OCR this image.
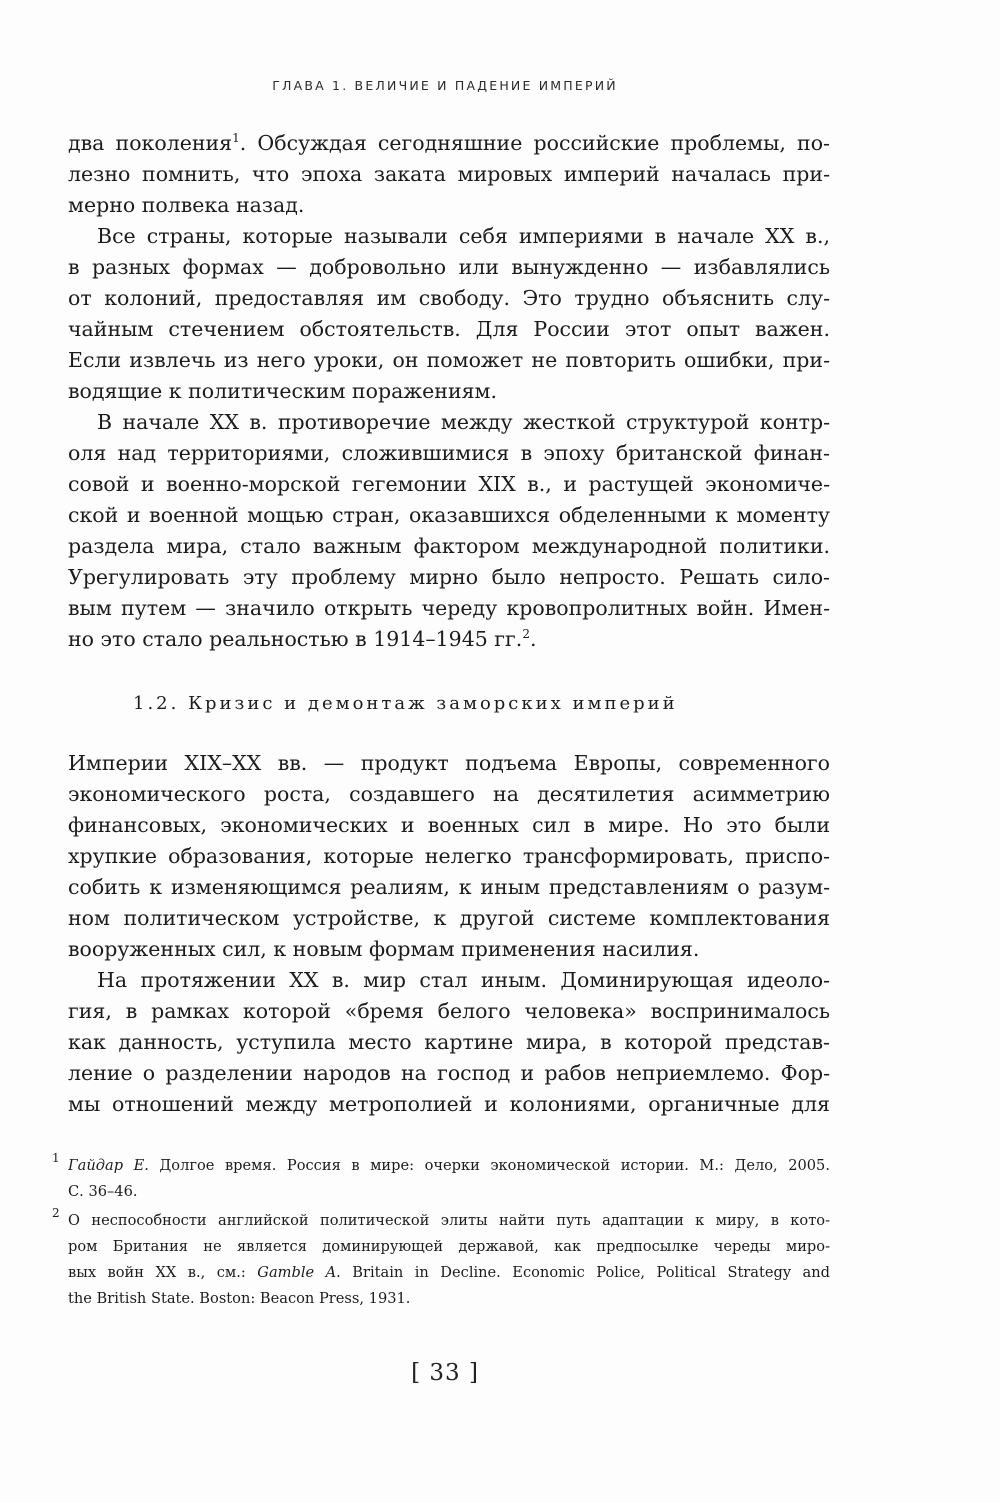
ГЛАВА 1. ВЕЛИЧИЕ И ПАДЕНИЕ ИМПЕРИЙ
два поколения$^1$. Обсуждая сегодняшние российские проблемы, по-
лезно помнить, что эпоха заката мировых империй началась при-
мерно полвека назад.
Все страны, которые называли себя империями в начале XX в.,
в разных формах — добровольно или вынужденно — избавлялись
от колоний, предоставляя им свободу. Это трудно объяснить слу-
чайным стечением обстоятельств. Для России этот опыт важен.
Если извлечь из него уроки, он поможет не повторить ошибки, при-
водящие к политическим поражениям.
В начале XX в. противоречие между жесткой структурой контр-
оля над территориями, сложившимися в эпоху британской финан-
совой и военно-морской гегемонии XIX в., и растущей экономиче-
ской и военной мощью стран, оказавшихся обделенными к моменту
раздела мира, стало важным фактором международной политики.
Урегулировать эту проблему мирно было непросто. Решать сило-
вым путем — значило открыть череду кровопролитных войн. Имен-
но это стало реальностью в 1914–1945 гг.$^2$.
1.2. Кризис и демонтаж заморских империй
Империи XIX–XX вв. — продукт подъема Европы, современного
экономического роста, создавшего на десятилетия асимметрию
финансовых, экономических и военных сил в мире. Но это были
хрупкие образования, которые нелегко трансформировать, приспо-
собить к изменяющимся реалиям, к иным представлениям о разум-
ном политическом устройстве, к другой системе комплектования
вооруженных сил, к новым формам применения насилия.
На протяжении XX в. мир стал иным. Доминирующая идеоло-
гия, в рамках которой «бремя белого человека» воспринималось
как данность, уступила место картине мира, в которой представ-
ление о разделении народов на господ и рабов неприемлемо. Фор-
мы отношений между метрополией и колониями, органичные для
1 Гайдар Е. Долгое время. Россия в мире: очерки экономической истории. М.: Дело, 2005.
С. 36–46.
2 О неспособности английской политической элиты найти путь адаптации к миру, в кото-
ром Британия не является доминирующей державой, как предпосылке череды миро-
вых войн XX в., см.: Gamble A. Britain in Decline. Economic Police, Political Strategy and
the British State. Boston: Beacon Press, 1931.
[ 33 ]
